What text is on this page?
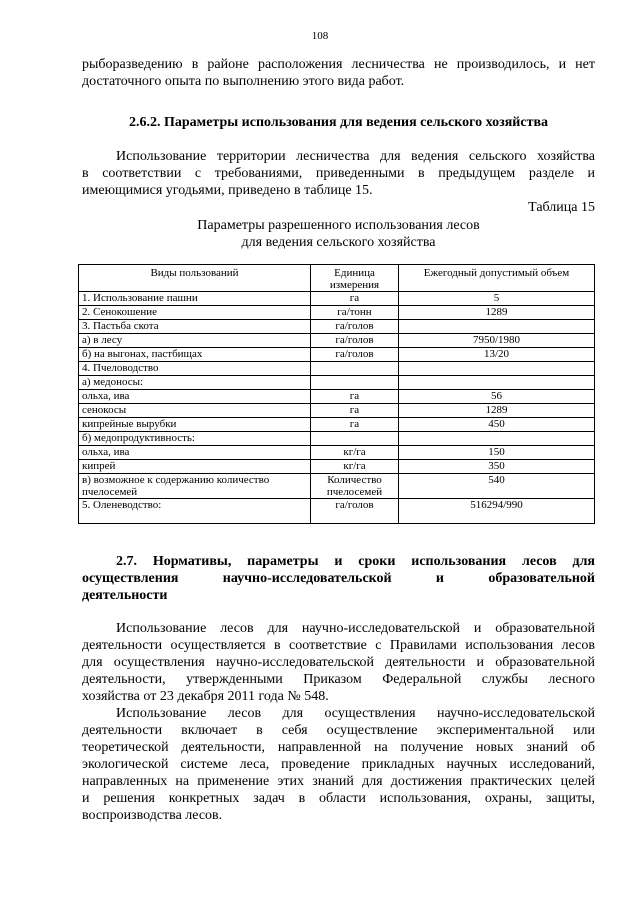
108
рыборазведению в районе расположения лесничества не производилось, и нет
достаточного опыта по выполнению этого вида работ.
2.6.2. Параметры использования для ведения сельского хозяйства
Использование территории лесничества для ведения сельского хозяйства
в соответствии с требованиями, приведенными в предыдущем разделе и
имеющимися угодьями, приведено в таблице 15.
Таблица 15
Параметры разрешенного использования лесов
для ведения сельского хозяйства
Виды пользований	Единица измерения	Ежегодный допустимый объем
1. Использование пашни	га	5
2. Сенокошение	га/тонн	1289
3. Пастьба скота	га/голов	
а) в лесу	га/голов	7950/1980
б) на выгонах, пастбищах	га/голов	13/20
4. Пчеловодство		
а) медоносы:		
ольха, ива	га	56
сенокосы	га	1289
кипрейные вырубки	га	450
б) медопродуктивность:		
ольха, ива	кг/га	150
кипрей	кг/га	350
в) возможное к содержанию количество пчелосемей	Количество пчелосемей	540
5. Оленеводство:	га/голов	516294/990
2.7. Нормативы, параметры и сроки использования лесов для
осуществления научно-исследовательской и образовательной
деятельности
Использование лесов для научно-исследовательской и образовательной
деятельности осуществляется в соответствие с Правилами использования лесов
для осуществления научно-исследовательской деятельности и образовательной
деятельности, утвержденными Приказом Федеральной службы лесного
хозяйства от 23 декабря 2011 года № 548.
Использование лесов для осуществления научно-исследовательской
деятельности включает в себя осуществление экспериментальной или
теоретической деятельности, направленной на получение новых знаний об
экологической системе леса, проведение прикладных научных исследований,
направленных на применение этих знаний для достижения практических целей
и решения конкретных задач в области использования, охраны, защиты,
воспроизводства лесов.
